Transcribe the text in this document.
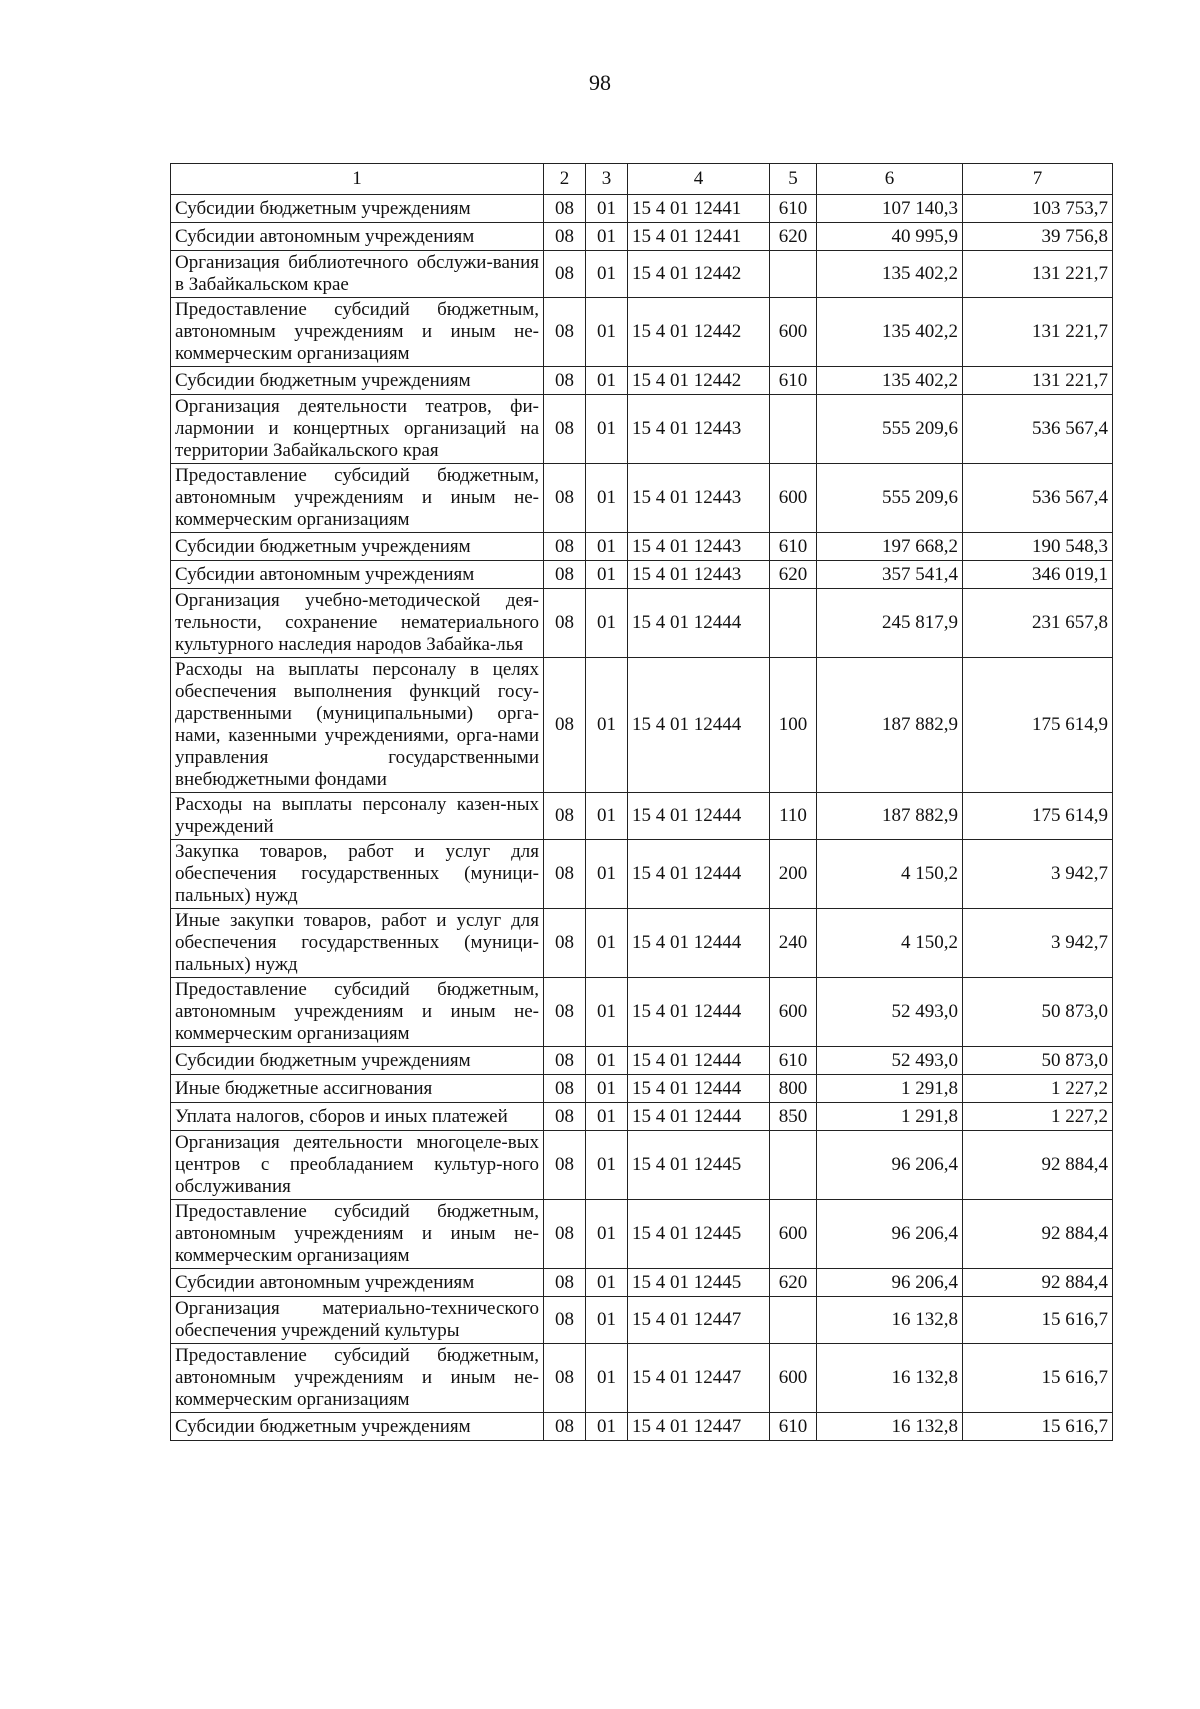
98
1	2	3	4	5	6	7
Субсидии бюджетным учреждениям	08	01	15 4 01 12441	610	107 140,3	103 753,7
Субсидии автономным учреждениям	08	01	15 4 01 12441	620	40 995,9	39 756,8
Организация библиотечного обслужи-вания в Забайкальском крае	08	01	15 4 01 12442		135 402,2	131 221,7
Предоставление субсидий бюджетным, автономным учреждениям и иным не-коммерческим организациям	08	01	15 4 01 12442	600	135 402,2	131 221,7
Субсидии бюджетным учреждениям	08	01	15 4 01 12442	610	135 402,2	131 221,7
Организация деятельности театров, фи-лармонии и концертных организаций на территории Забайкальского края	08	01	15 4 01 12443		555 209,6	536 567,4
Предоставление субсидий бюджетным, автономным учреждениям и иным не-коммерческим организациям	08	01	15 4 01 12443	600	555 209,6	536 567,4
Субсидии бюджетным учреждениям	08	01	15 4 01 12443	610	197 668,2	190 548,3
Субсидии автономным учреждениям	08	01	15 4 01 12443	620	357 541,4	346 019,1
Организация учебно-методической дея-тельности, сохранение нематериального культурного наследия народов Забайка-лья	08	01	15 4 01 12444		245 817,9	231 657,8
Расходы на выплаты персоналу в целях обеспечения выполнения функций госу-дарственными (муниципальными) орга-нами, казенными учреждениями, орга-нами управления государственными внебюджетными фондами	08	01	15 4 01 12444	100	187 882,9	175 614,9
Расходы на выплаты персоналу казен-ных учреждений	08	01	15 4 01 12444	110	187 882,9	175 614,9
Закупка товаров, работ и услуг для обеспечения государственных (муници-пальных) нужд	08	01	15 4 01 12444	200	4 150,2	3 942,7
Иные закупки товаров, работ и услуг для обеспечения государственных (муници-пальных) нужд	08	01	15 4 01 12444	240	4 150,2	3 942,7
Предоставление субсидий бюджетным, автономным учреждениям и иным не-коммерческим организациям	08	01	15 4 01 12444	600	52 493,0	50 873,0
Субсидии бюджетным учреждениям	08	01	15 4 01 12444	610	52 493,0	50 873,0
Иные бюджетные ассигнования	08	01	15 4 01 12444	800	1 291,8	1 227,2
Уплата налогов, сборов и иных платежей	08	01	15 4 01 12444	850	1 291,8	1 227,2
Организация деятельности многоцеле-вых центров с преобладанием культур-ного обслуживания	08	01	15 4 01 12445		96 206,4	92 884,4
Предоставление субсидий бюджетным, автономным учреждениям и иным не-коммерческим организациям	08	01	15 4 01 12445	600	96 206,4	92 884,4
Субсидии автономным учреждениям	08	01	15 4 01 12445	620	96 206,4	92 884,4
Организация материально-технического обеспечения учреждений культуры	08	01	15 4 01 12447		16 132,8	15 616,7
Предоставление субсидий бюджетным, автономным учреждениям и иным не-коммерческим организациям	08	01	15 4 01 12447	600	16 132,8	15 616,7
Субсидии бюджетным учреждениям	08	01	15 4 01 12447	610	16 132,8	15 616,7
